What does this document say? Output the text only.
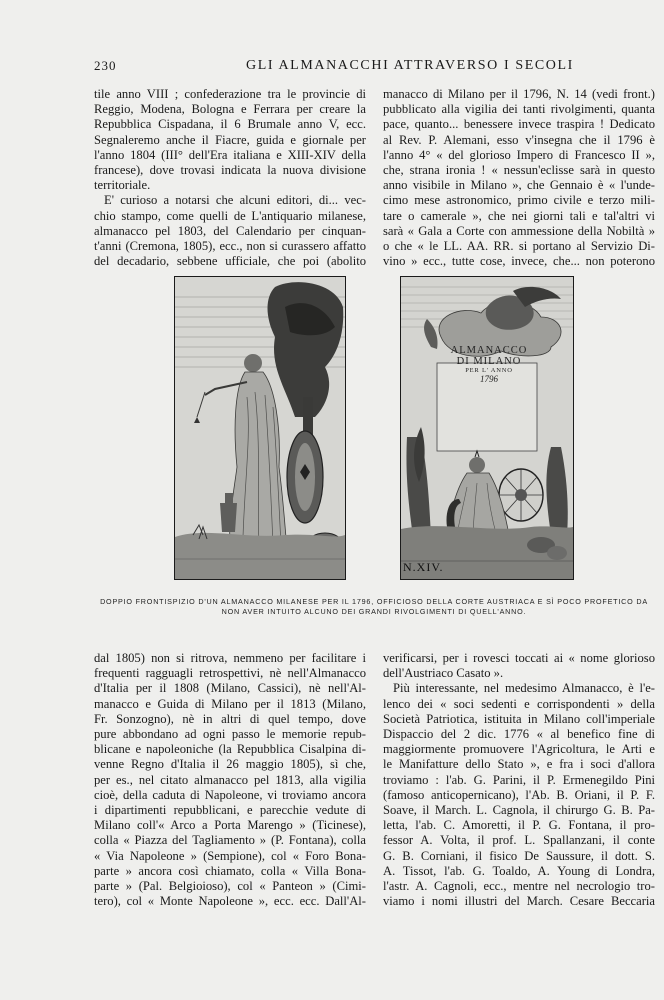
230	GLI ALMANACCHI ATTRAVERSO I SECOLI

tile anno VIII ; confederazione tra le provincie di
Reggio, Modena, Bologna e Ferrara per creare la
Repubblica Cispadana, il 6 Brumale anno V, ecc.
Segnaleremo anche il Fiacre, guida e giornale per
l'anno 1804 (III° dell'Era italiana e XIII-XIV della
francese), dove trovasi indicata la nuova divisione
territoriale.
E' curioso a notarsi che alcuni editori, di... vec-
chio stampo, come quelli de L'antiquario milanese,
almanacco pel 1803, del Calendario per cinquan-
t'anni (Cremona, 1805), ecc., non si curassero affatto
del decadario, sebbene ufficiale, che poi (abolito

manacco di Milano per il 1796, N. 14 (vedi front.)
pubblicato alla vigilia dei tanti rivolgimenti, quanta
pace, quanto... benessere invece traspira ! Dedicato
al Rev. P. Alemani, esso v'insegna che il 1796 è
l'anno 4° « del glorioso Impero di Francesco II »,
che, strana ironia ! « nessun'eclisse sarà in questo
anno visibile in Milano », che Gennaio è « l'unde-
cimo mese astronomico, primo civile e terzo mili-
tare o camerale », che nei giorni tali e tal'altri vi
sarà « Gala a Corte con ammessione della Nobiltà »
o che « le LL. AA. RR. si portano al Servizio Di-
vino » ecc., tutte cose, invece, che... non poterono

ALMANACCO
DI MILANO
PER L' ANNO
1796
N.XIV.
DOPPIO FRONTISPIZIO D'UN ALMANACCO MILANESE PER IL 1796, OFFICIOSO DELLA CORTE AUSTRIACA E SÌ POCO PROFETICO DA
NON AVER INTUITO ALCUNO DEI GRANDI RIVOLGIMENTI DI QUELL'ANNO.

dal 1805) non si ritrova, nemmeno per facilitare i
frequenti ragguagli retrospettivi, nè nell'Almanacco
d'Italia per il 1808 (Milano, Cassici), nè nell'Al-
manacco e Guida di Milano per il 1813 (Milano,
Fr. Sonzogno), nè in altri di quel tempo, dove
pure abbondano ad ogni passo le memorie repub-
blicane e napoleoniche (la Repubblica Cisalpina di-
venne Regno d'Italia il 26 maggio 1805), sì che,
per es., nel citato almanacco pel 1813, alla vigilia
cioè, della caduta di Napoleone, vi troviamo ancora
i dipartimenti repubblicani, e parecchie vedute di
Milano coll'« Arco a Porta Marengo » (Ticinese),
colla « Piazza del Tagliamento » (P. Fontana), colla
« Via Napoleone » (Sempione), col « Foro Bona-
parte » ancora così chiamato, colla « Villa Bona-
parte » (Pal. Belgioioso), col « Panteon » (Cimi-
tero), col « Monte Napoleone », ecc. ecc. Dall'Al-

verificarsi, per i rovesci toccati ai « nome glorioso
dell'Austriaco Casato ».
Più interessante, nel medesimo Almanacco, è l'e-
lenco dei « soci sedenti e corrispondenti » della
Società Patriotica, istituita in Milano coll'imperiale
Dispaccio del 2 dic. 1776 « al benefico fine di
maggiormente promuovere l'Agricoltura, le Arti e
le Manifatture dello Stato », e fra i soci d'allora
troviamo : l'ab. G. Parini, il P. Ermenegildo Pini
(famoso anticopernicano), l'Ab. B. Oriani, il P. F.
Soave, il March. L. Cagnola, il chirurgo G. B. Pa-
letta, l'ab. C. Amoretti, il P. G. Fontana, il pro-
fessor A. Volta, il prof. L. Spallanzani, il conte
G. B. Corniani, il fisico De Saussure, il dott. S.
A. Tissot, l'ab. G. Toaldo, A. Young di Londra,
l'astr. A. Cagnoli, ecc., mentre nel necrologio tro-
viamo i nomi illustri del March. Cesare Beccaria
